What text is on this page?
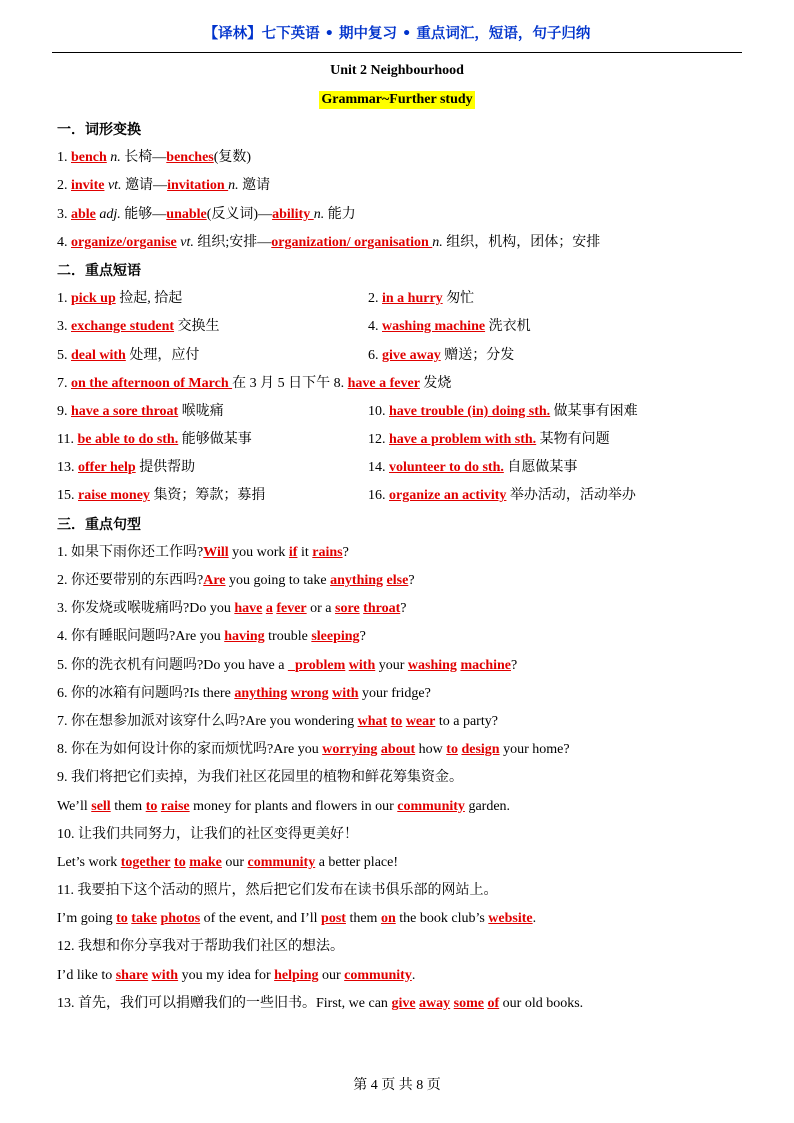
【译林】七下英语 • 期中复习 • 重点词汇，短语，句子归纳
Unit 2 Neighbourhood
Grammar~Further study
一．词形变换
1. bench n. 长椅—benches(复数)
2. invite vt. 邀请—invitation n. 邀请
3. able adj. 能够—unable(反义词)—ability n. 能力
4. organize/organise vt. 组织;安排—organization/ organisation n. 组织，机构，团体；安排
二．重点短语
1. pick up 捡起, 拾起	2. in a hurry 匆忙
3. exchange student 交换生	4. washing machine 洗衣机
5. deal with 处理，应付	6. give away 赠送；分发
7. on the afternoon of March 在 3 月 5 日下午 8. have a fever 发烧
9. have a sore throat 喉咙痛	10. have trouble (in) doing sth. 做某事有困难
11. be able to do sth. 能够做某事	12. have a problem with sth. 某物有问题
13. offer help 提供帮助	14. volunteer to do sth. 自愿做某事
15. raise money 集资；筹款；募捐	16. organize an activity 举办活动，活动举办
三．重点句型
1. 如果下雨你还工作吗?Will you work if it rains?
2. 你还要带别的东西吗?Are you going to take anything else?
3. 你发烧或喉咙痛吗?Do you have a fever or a sore throat?
4. 你有睡眠问题吗?Are you having trouble sleeping?
5. 你的洗衣机有问题吗?Do you have a _problem with your washing machine?
6. 你的冰箱有问题吗?Is there anything wrong with your fridge?
7. 你在想参加派对该穿什么吗?Are you wondering what to wear to a party?
8. 你在为如何设计你的家而烦忧吗?Are you worrying about how to design your home?
9. 我们将把它们卖掉，为我们社区花园里的植物和鲜花筹集资金。
We’ll sell them to raise money for plants and flowers in our community garden.
10. 让我们共同努力，让我们的社区变得更美好！
Let’s work together to make our community a better place!
11. 我要拍下这个活动的照片，然后把它们发布在读书俱乐部的网站上。
I’m going to take photos of the event, and I’ll post them on the book club’s website.
12. 我想和你分享我对于帮助我们社区的想法。
I’d like to share with you my idea for helping our community.
13. 首先，我们可以捐赠我们的一些旧书。First, we can give away some of our old books.
第 4 页 共 8 页
